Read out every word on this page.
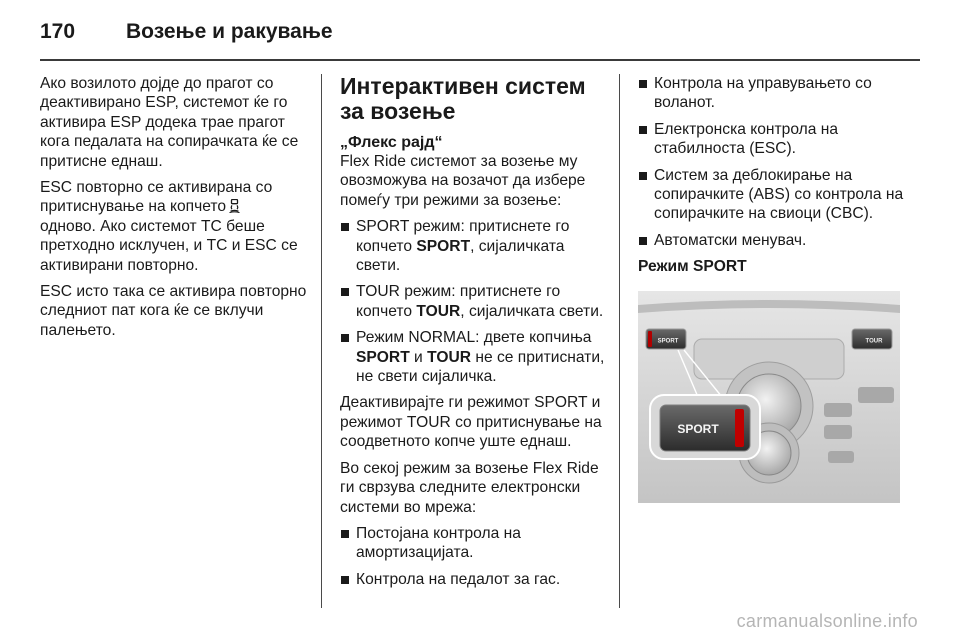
170 Возење и ракување

Ако возилото дојде до прагот со деактивирано ESP, системот ќе го активира ESP додека трае прагот кога педалата на сопирачката ќе се притисне еднаш.

ESC повторно се активирана со притиснување на копчето
одново. Ако системот TC беше претходно исклучен, и TC и ESC се активирани повторно.

ESC исто така се активира повторно следниот пат кога ќе се вклучи палењето.

Интерактивен систем за возење
„Флекс рајд“

Flex Ride системот за возење му овозможува на возачот да избере помеѓу три режими за возење:

SPORT режим: притиснете го копчето SPORT, сијаличката свети.
TOUR режим: притиснете го копчето TOUR, сијаличката свети.
Режим NORMAL: двете копчиња SPORT и TOUR не се притиснати, не свети сијаличка.

Деактивирајте ги режимот SPORT и режимот TOUR со притиснување на соодветното копче уште еднаш.

Во секој режим за возење Flex Ride ги сврзува следните електронски системи во мрежа:

Постојана контрола на амортизацијата.
Контрола на педалот за гас.
Контрола на управувањето со воланот.
Електронска контрола на стабилноста (ESC).
Систем за деблокирање на сопирачките (ABS) со контрола на сопирачките на свиоци (CBC).
Автоматски менувач.
Режим SPORT
SPORT	TOUR
SPORT
carmanualsonline.info
